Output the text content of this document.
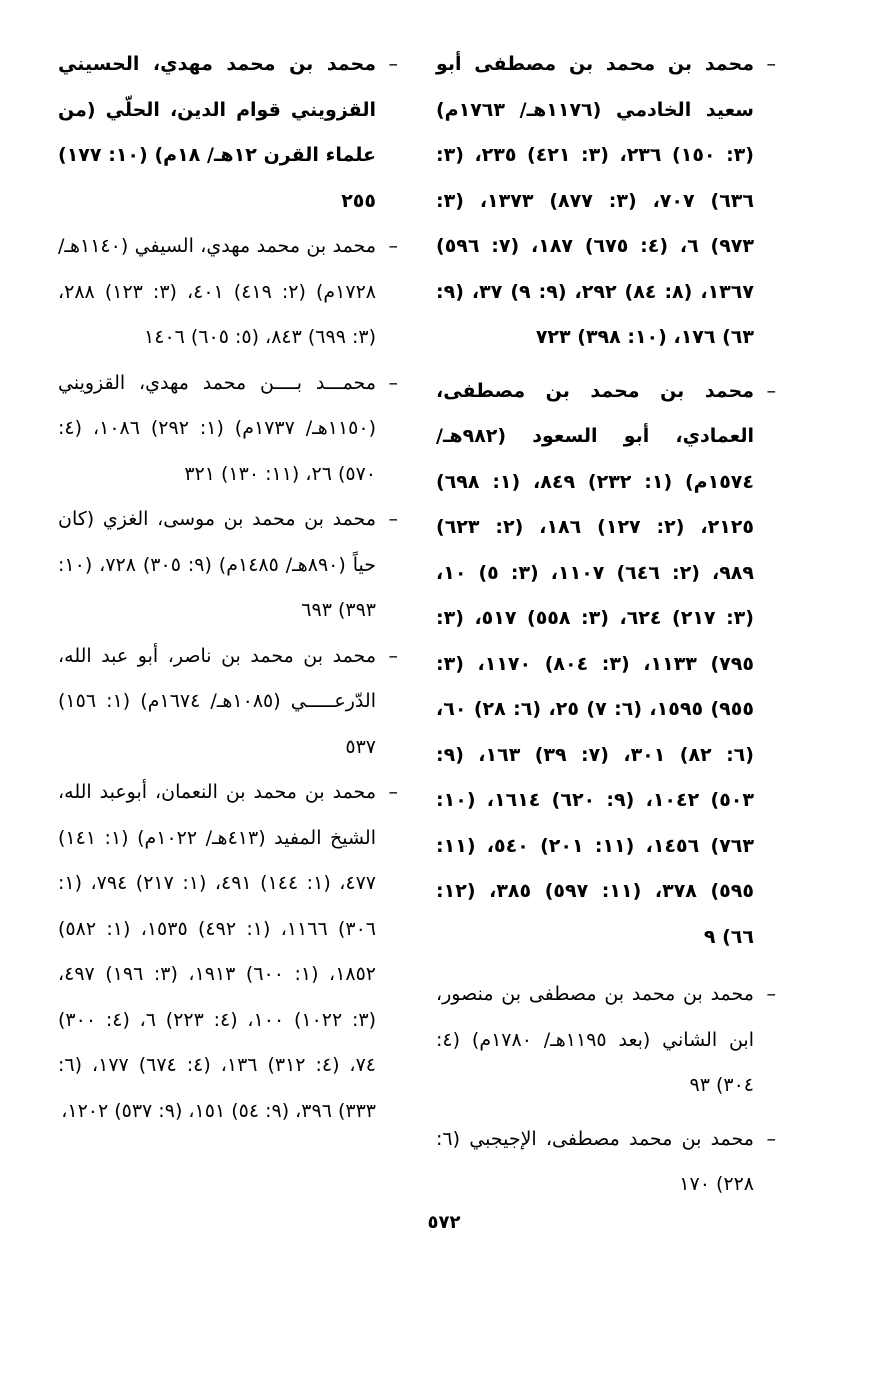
–
محمد بن محمد بن مصطفى أبو سعيد الخادمي (١١٧٦هـ/ ١٧٦٣م) (٣: ١٥٠) ٢٣٦، (٣: ٤٢١) ٢٣٥، (٣: ٦٣٦) ٧٠٧، (٣: ٨٧٧) ١٣٧٣، (٣: ٩٧٣) ٦، (٤: ٦٧٥) ١٨٧، (٧: ٥٩٦) ١٣٦٧، (٨: ٨٤) ٢٩٢، (٩: ٩) ٣٧، (٩: ٦٣) ١٧٦، (١٠: ٣٩٨) ٧٢٣

–
محمد بن محمد بن مصطفى، العمادي، أبو السعود (٩٨٢هـ/ ١٥٧٤م) (١: ٢٣٢) ٨٤٩، (١: ٦٩٨) ٢١٢٥، (٢: ١٢٧) ١٨٦، (٢: ٦٢٣) ٩٨٩، (٢: ٦٤٦) ١١٠٧، (٣: ٥) ١٠، (٣: ٢١٧) ٦٢٤، (٣: ٥٥٨) ٥١٧، (٣: ٧٩٥) ١١٣٣، (٣: ٨٠٤) ١١٧٠، (٣: ٩٥٥) ١٥٩٥، (٦: ٧) ٢٥، (٦: ٢٨) ٦٠، (٦: ٨٢) ٣٠١، (٧: ٣٩) ١٦٣، (٩: ٥٠٣) ١٠٤٢، (٩: ٦٢٠) ١٦١٤، (١٠: ٧٦٣) ١٤٥٦، (١١: ٢٠١) ٥٤٠، (١١: ٥٩٥) ٣٧٨، (١١: ٥٩٧) ٣٨٥، (١٢: ٦٦) ٩

–
محمد بن محمد بن مصطفى بن منصور، ابن الشاني (بعد ١١٩٥هـ/ ١٧٨٠م) (٤: ٣٠٤) ٩٣

–
محمد بن محمد مصطفى، الإجيجبي (٦: ٢٢٨) ١٧٠

–
محمد بن محمد مهدي، الحسيني القزويني قوام الدين، الحلّي (من علماء القرن ١٢هـ/ ١٨م) (١٠: ١٧٧) ٢٥٥

–
محمد بن محمد مهدي، السيفي (١١٤٠هـ/ ١٧٢٨م) (٢: ٤١٩) ٤٠١، (٣: ١٢٣) ٢٨٨، (٣: ٦٩٩) ٨٤٣، (٥: ٦٠٥) ١٤٠٦

–
محمـــد بــــن محمد مهدي، القزويني (١١٥٠هـ/ ١٧٣٧م) (١: ٢٩٢) ١٠٨٦، (٤: ٥٧٠) ٢٦، (١١: ١٣٠) ٣٢١

–
محمد بن محمد بن موسى، الغزي (كان حياً (٨٩٠هـ/ ١٤٨٥م) (٩: ٣٠٥) ٧٢٨، (١٠: ٣٩٣) ٦٩٣

–
محمد بن محمد بن ناصر، أبو عبد الله، الدّرعـــــي (١٠٨٥هـ/ ١٦٧٤م) (١: ١٥٦) ٥٣٧

–
محمد بن محمد بن النعمان، أبوعبد الله، الشيخ المفيد (٤١٣هـ/ ١٠٢٢م) (١: ١٤١) ٤٧٧، (١: ١٤٤) ٤٩١، (١: ٢١٧) ٧٩٤، (١: ٣٠٦) ١١٦٦، (١: ٤٩٢) ١٥٣٥، (١: ٥٨٢) ١٨٥٢، (١: ٦٠٠) ١٩١٣، (٣: ١٩٦) ٤٩٧، (٣: ١٠٢٢) ١٠٠، (٤: ٢٢٣) ٦، (٤: ٣٠٠) ٧٤، (٤: ٣١٢) ١٣٦، (٤: ٦٧٤) ١٧٧، (٦: ٣٣٣) ٣٩٦، (٩: ٥٤) ١٥١، (٩: ٥٣٧) ١٢٠٢،

٥٧٢
